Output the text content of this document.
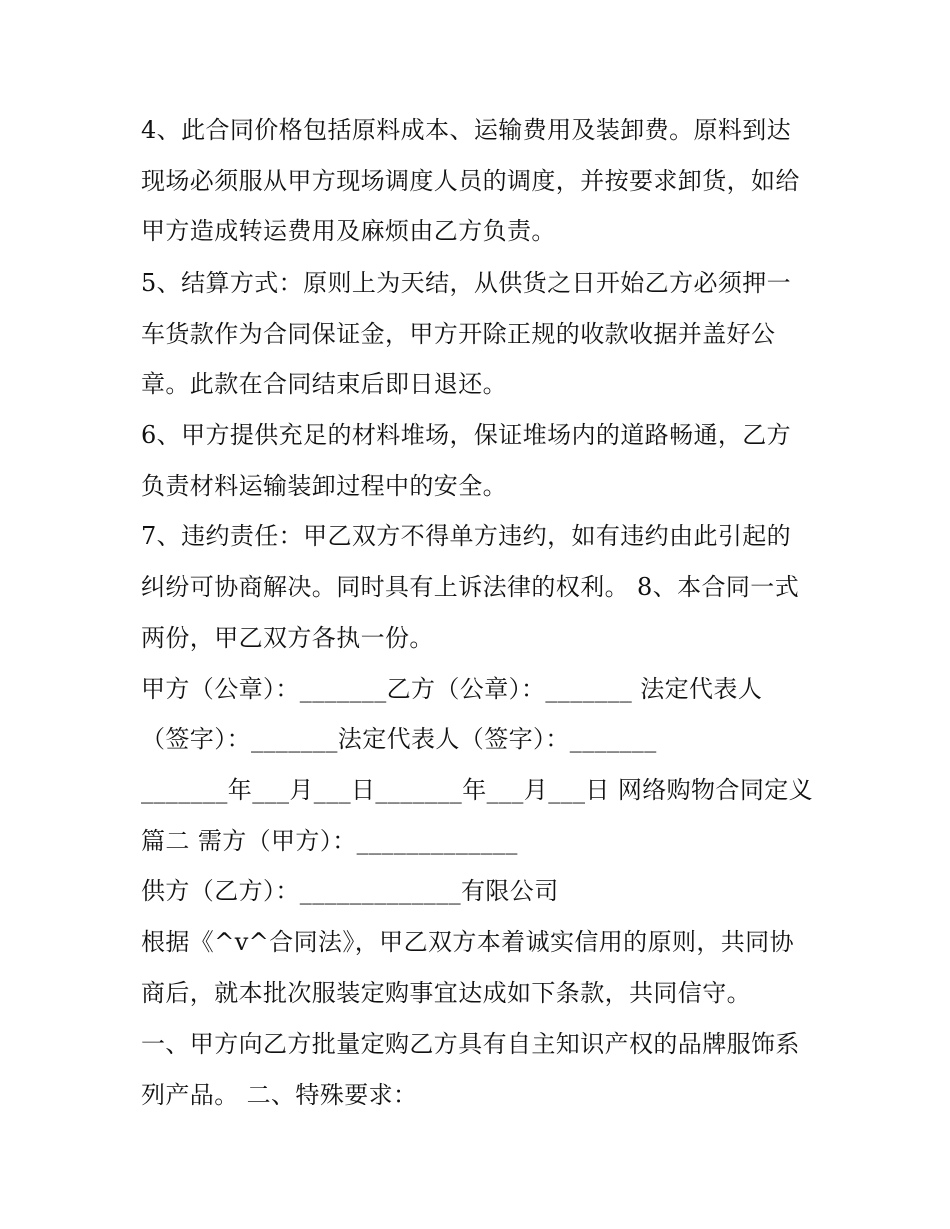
4、此合同价格包括原料成本、运输费用及装卸费。原料到达
现场必须服从甲方现场调度人员的调度，并按要求卸货，如给
甲方造成转运费用及麻烦由乙方负责。
5、结算方式：原则上为天结，从供货之日开始乙方必须押一
车货款作为合同保证金，甲方开除正规的收款收据并盖好公
章。此款在合同结束后即日退还。
6、甲方提供充足的材料堆场，保证堆场内的道路畅通，乙方
负责材料运输装卸过程中的安全。
7、违约责任：甲乙双方不得单方违约，如有违约由此引起的
纠纷可协商解决。同时具有上诉法律的权利。 8、本合同一式
两份，甲乙双方各执一份。
甲方（公章）：_______乙方（公章）：_______ 法定代表人
（签字）：_______法定代表人（签字）：_______
_______年___月___日_______年___月___日 网络购物合同定义
篇二 需方（甲方）：_____________
供方（乙方）：_____________有限公司
根据《^v^合同法》，甲乙双方本着诚实信用的原则，共同协
商后，就本批次服装定购事宜达成如下条款，共同信守。
一、甲方向乙方批量定购乙方具有自主知识产权的品牌服饰系
列产品。 二、特殊要求：
